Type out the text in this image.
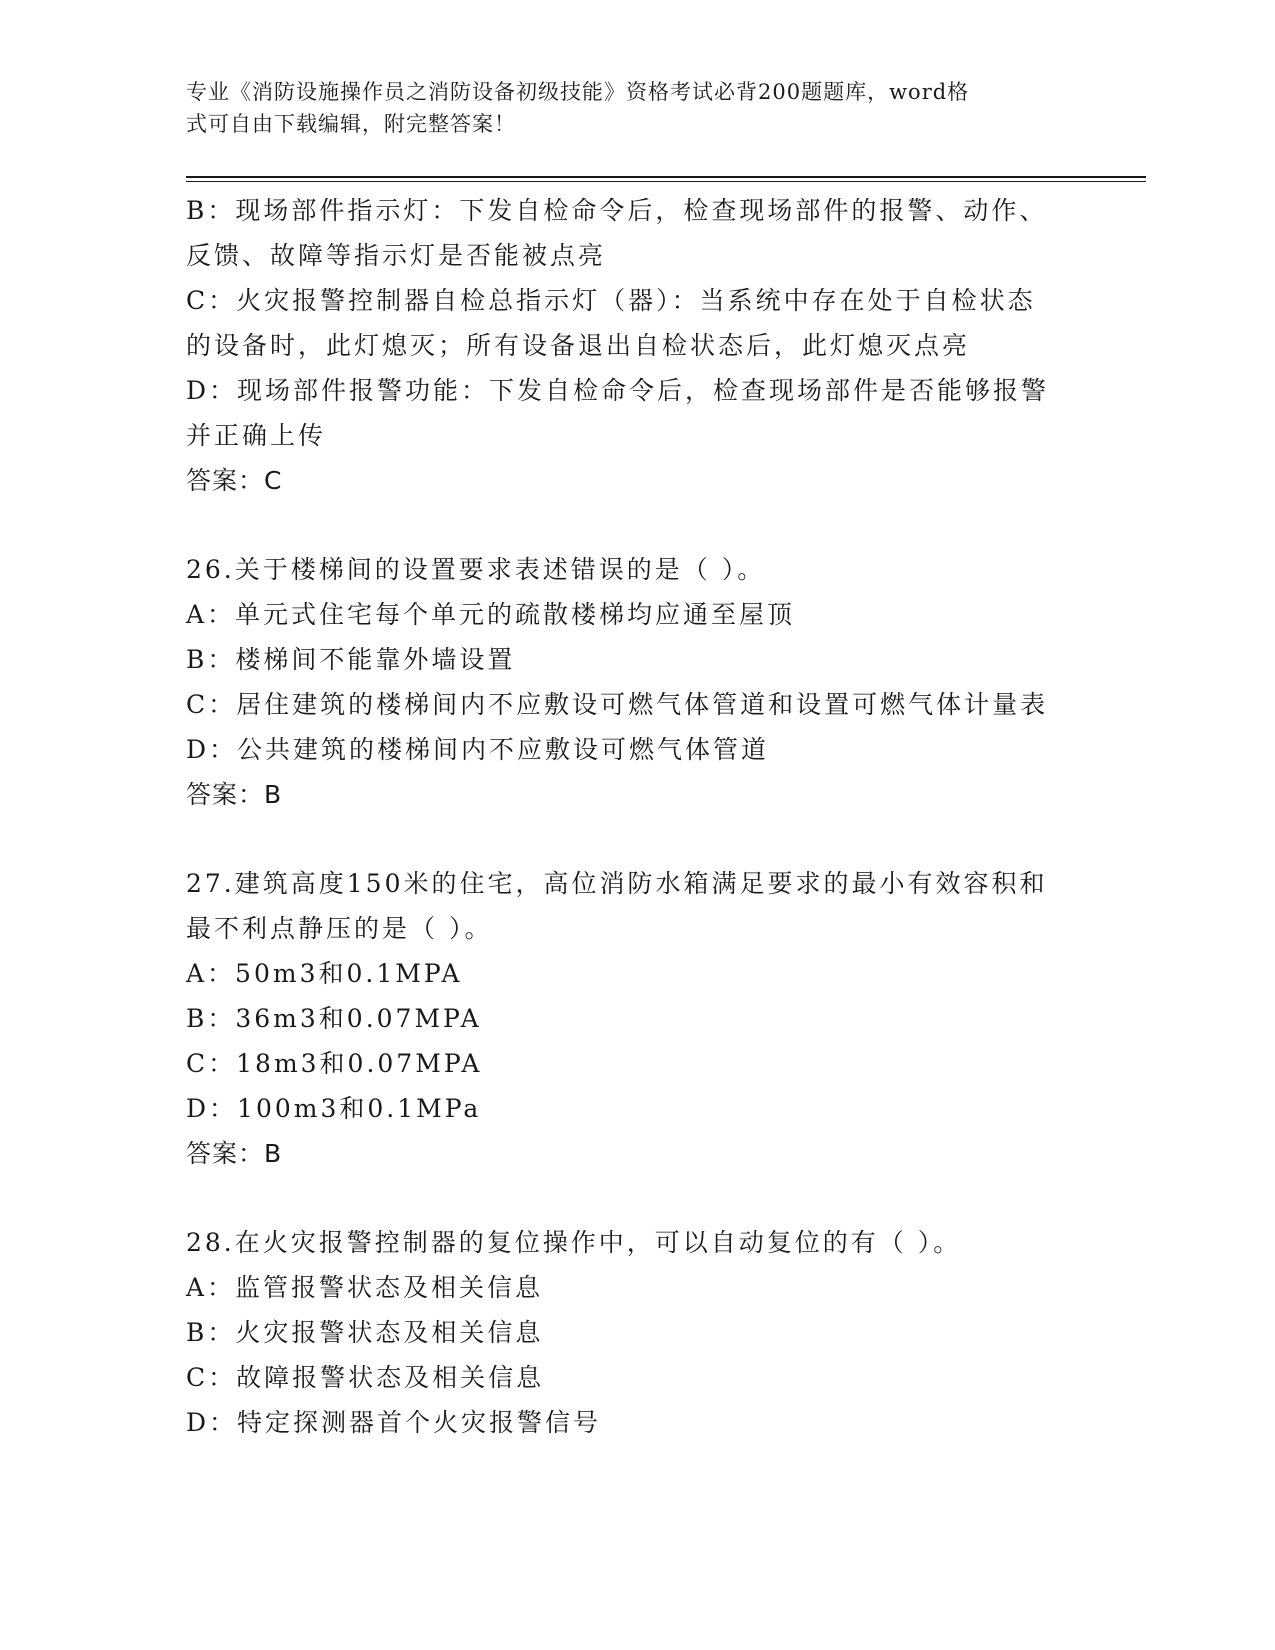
专业《消防设施操作员之消防设备初级技能》资格考试必背200题题库，word格
式可自由下载编辑，附完整答案！
B：现场部件指示灯：下发自检命令后，检查现场部件的报警、动作、
反馈、故障等指示灯是否能被点亮
C：火灾报警控制器自检总指示灯（器）：当系统中存在处于自检状态
的设备时，此灯熄灭；所有设备退出自检状态后，此灯熄灭点亮
D：现场部件报警功能：下发自检命令后，检查现场部件是否能够报警
并正确上传
答案：C
26.关于楼梯间的设置要求表述错误的是（ ）。
A：单元式住宅每个单元的疏散楼梯均应通至屋顶
B：楼梯间不能靠外墙设置
C：居住建筑的楼梯间内不应敷设可燃气体管道和设置可燃气体计量表
D：公共建筑的楼梯间内不应敷设可燃气体管道
答案：B
27.建筑高度150米的住宅，高位消防水箱满足要求的最小有效容积和
最不利点静压的是（ ）。
A：50m3和0.1MPA
B：36m3和0.07MPA
C：18m3和0.07MPA
D：100m3和0.1MPa
答案：B
28.在火灾报警控制器的复位操作中，可以自动复位的有（ ）。
A：监管报警状态及相关信息
B：火灾报警状态及相关信息
C：故障报警状态及相关信息
D：特定探测器首个火灾报警信号
